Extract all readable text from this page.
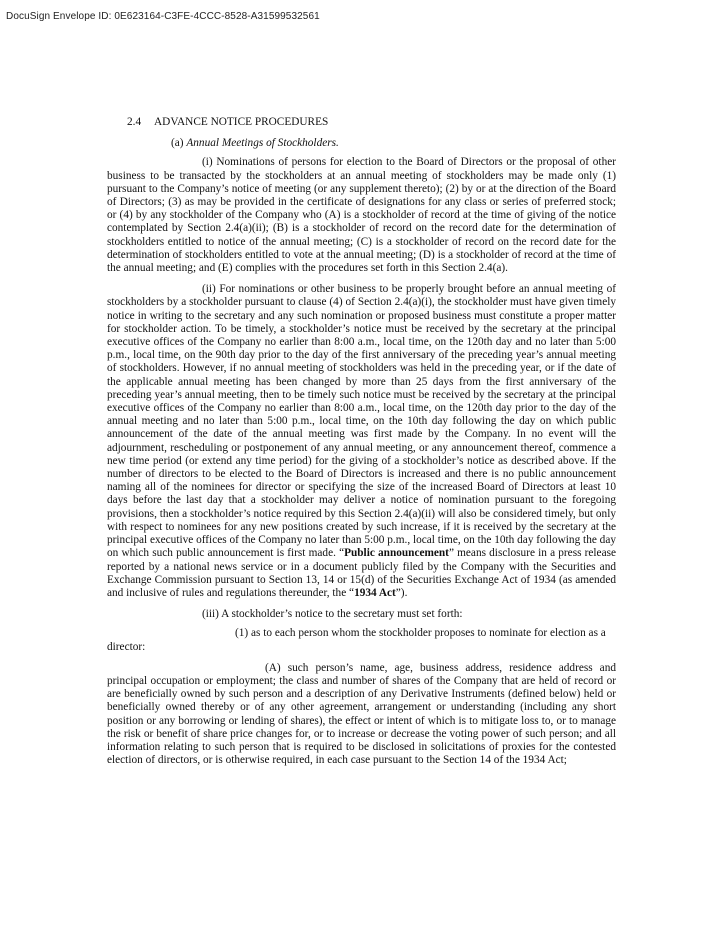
DocuSign Envelope ID: 0E623164-C3FE-4CCC-8528-A31599532561

2.4 ADVANCE NOTICE PROCEDURES

(a) Annual Meetings of Stockholders.

(i) Nominations of persons for election to the Board of Directors or the proposal of other business to be transacted by the stockholders at an annual meeting of stockholders may be made only (1) pursuant to the Company’s notice of meeting (or any supplement thereto); (2) by or at the direction of the Board of Directors; (3) as may be provided in the certificate of designations for any class or series of preferred stock; or (4) by any stockholder of the Company who (A) is a stockholder of record at the time of giving of the notice contemplated by Section 2.4(a)(ii); (B) is a stockholder of record on the record date for the determination of stockholders entitled to notice of the annual meeting; (C) is a stockholder of record on the record date for the determination of stockholders entitled to vote at the annual meeting; (D) is a stockholder of record at the time of the annual meeting; and (E) complies with the procedures set forth in this Section 2.4(a).

(ii) For nominations or other business to be properly brought before an annual meeting of stockholders by a stockholder pursuant to clause (4) of Section 2.4(a)(i), the stockholder must have given timely notice in writing to the secretary and any such nomination or proposed business must constitute a proper matter for stockholder action. To be timely, a stockholder’s notice must be received by the secretary at the principal executive offices of the Company no earlier than 8:00 a.m., local time, on the 120th day and no later than 5:00 p.m., local time, on the 90th day prior to the day of the first anniversary of the preceding year’s annual meeting of stockholders. However, if no annual meeting of stockholders was held in the preceding year, or if the date of the applicable annual meeting has been changed by more than 25 days from the first anniversary of the preceding year’s annual meeting, then to be timely such notice must be received by the secretary at the principal executive offices of the Company no earlier than 8:00 a.m., local time, on the 120th day prior to the day of the annual meeting and no later than 5:00 p.m., local time, on the 10th day following the day on which public announcement of the date of the annual meeting was first made by the Company. In no event will the adjournment, rescheduling or postponement of any annual meeting, or any announcement thereof, commence a new time period (or extend any time period) for the giving of a stockholder’s notice as described above. If the number of directors to be elected to the Board of Directors is increased and there is no public announcement naming all of the nominees for director or specifying the size of the increased Board of Directors at least 10 days before the last day that a stockholder may deliver a notice of nomination pursuant to the foregoing provisions, then a stockholder’s notice required by this Section 2.4(a)(ii) will also be considered timely, but only with respect to nominees for any new positions created by such increase, if it is received by the secretary at the principal executive offices of the Company no later than 5:00 p.m., local time, on the 10th day following the day on which such public announcement is first made. “Public announcement” means disclosure in a press release reported by a national news service or in a document publicly filed by the Company with the Securities and Exchange Commission pursuant to Section 13, 14 or 15(d) of the Securities Exchange Act of 1934 (as amended and inclusive of rules and regulations thereunder, the “1934 Act”).

(iii) A stockholder’s notice to the secretary must set forth:

(1) as to each person whom the stockholder proposes to nominate for election as a director:

(A) such person’s name, age, business address, residence address and principal occupation or employment; the class and number of shares of the Company that are held of record or are beneficially owned by such person and a description of any Derivative Instruments (defined below) held or beneficially owned thereby or of any other agreement, arrangement or understanding (including any short position or any borrowing or lending of shares), the effect or intent of which is to mitigate loss to, or to manage the risk or benefit of share price changes for, or to increase or decrease the voting power of such person; and all information relating to such person that is required to be disclosed in solicitations of proxies for the contested election of directors, or is otherwise required, in each case pursuant to the Section 14 of the 1934 Act;
